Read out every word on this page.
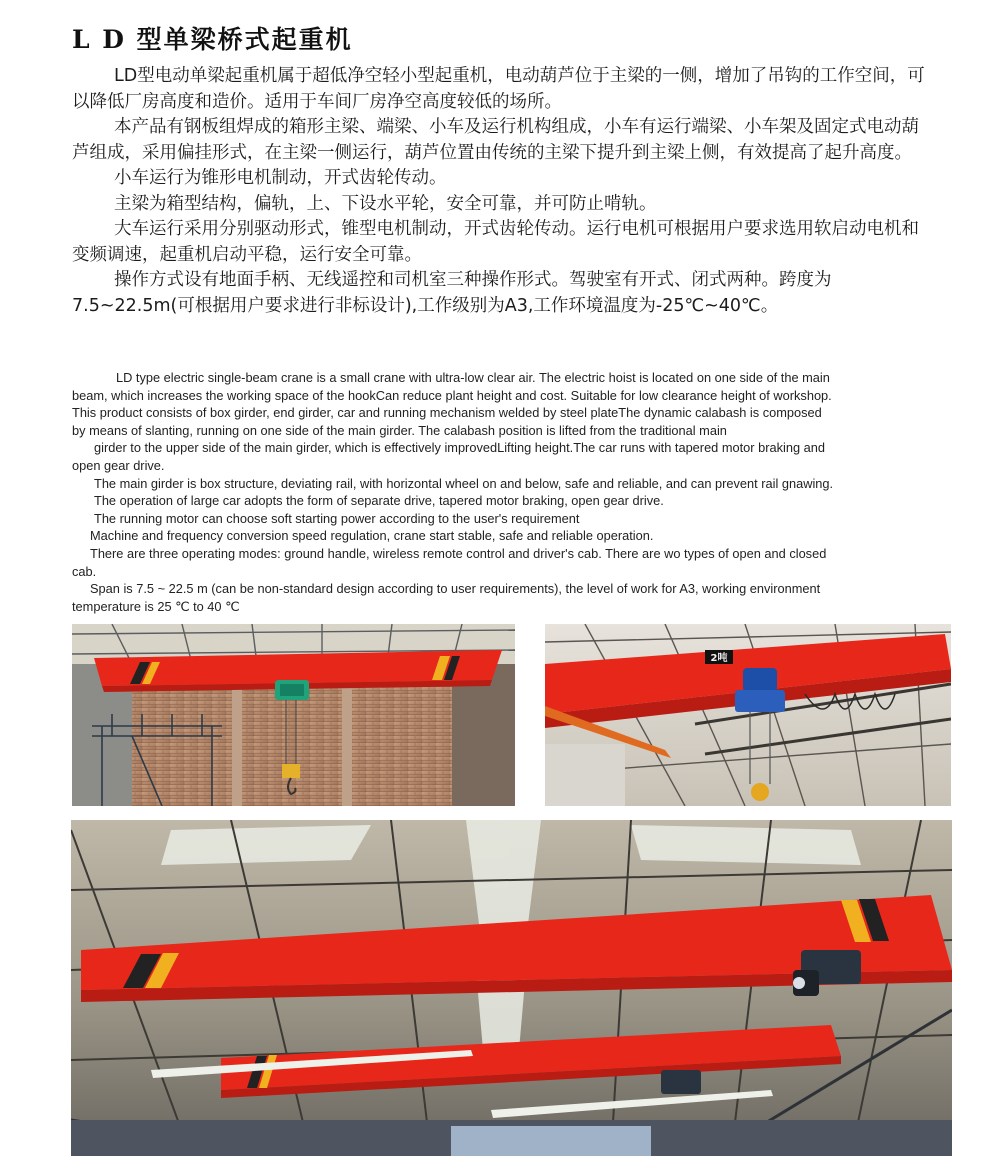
L D 型单梁桥式起重机

LD型电动单梁起重机属于超低净空轻小型起重机，电动葫芦位于主梁的一侧，增加了吊钩的工作空间，可以降低厂房高度和造价。适用于车间厂房净空高度较低的场所。

本产品有钢板组焊成的箱形主梁、端梁、小车及运行机构组成，小车有运行端梁、小车架及固定式电动葫芦组成，采用偏挂形式，在主梁一侧运行，葫芦位置由传统的主梁下提升到主梁上侧，有效提高了起升高度。

小车运行为锥形电机制动，开式齿轮传动。

主梁为箱型结构，偏轨，上、下设水平轮，安全可靠，并可防止啃轨。

大车运行采用分别驱动形式，锥型电机制动，开式齿轮传动。运行电机可根据用户要求选用软启动电机和变频调速，起重机启动平稳，运行安全可靠。

操作方式设有地面手柄、无线遥控和司机室三种操作形式。驾驶室有开式、闭式两种。跨度为7.5~22.5m(可根据用户要求进行非标设计),工作级别为A3,工作环境温度为-25℃~40℃。

LD type electric single-beam crane is a small crane with ultra-low clear air. The electric hoist is located on one side of the main

beam, which increases the working space of the hookCan reduce plant height and cost. Suitable for low clearance height of workshop.

This product consists of box girder, end girder, car and running mechanism welded by steel plateThe dynamic calabash is composed

by means of slanting, running on one side of the main girder. The calabash position is lifted from the traditional main

girder to the upper side of the main girder, which is effectively improvedLifting height.The car runs with tapered motor braking and

open gear drive.

The main girder is box structure, deviating rail, with horizontal wheel on and below, safe and reliable, and can prevent rail gnawing.

The operation of large car adopts the form of separate drive, tapered motor braking, open gear drive.

The running motor can choose soft starting power according to the user's requirement

Machine and frequency conversion speed regulation, crane start stable, safe and reliable operation.

There are three operating modes: ground handle, wireless remote control and driver's cab. There are wo types of open and closed

cab.

Span is 7.5 ~ 22.5 m (can be non-standard design according to user requirements), the level of work for A3, working environment

temperature is 25 ℃ to 40 ℃

2吨
